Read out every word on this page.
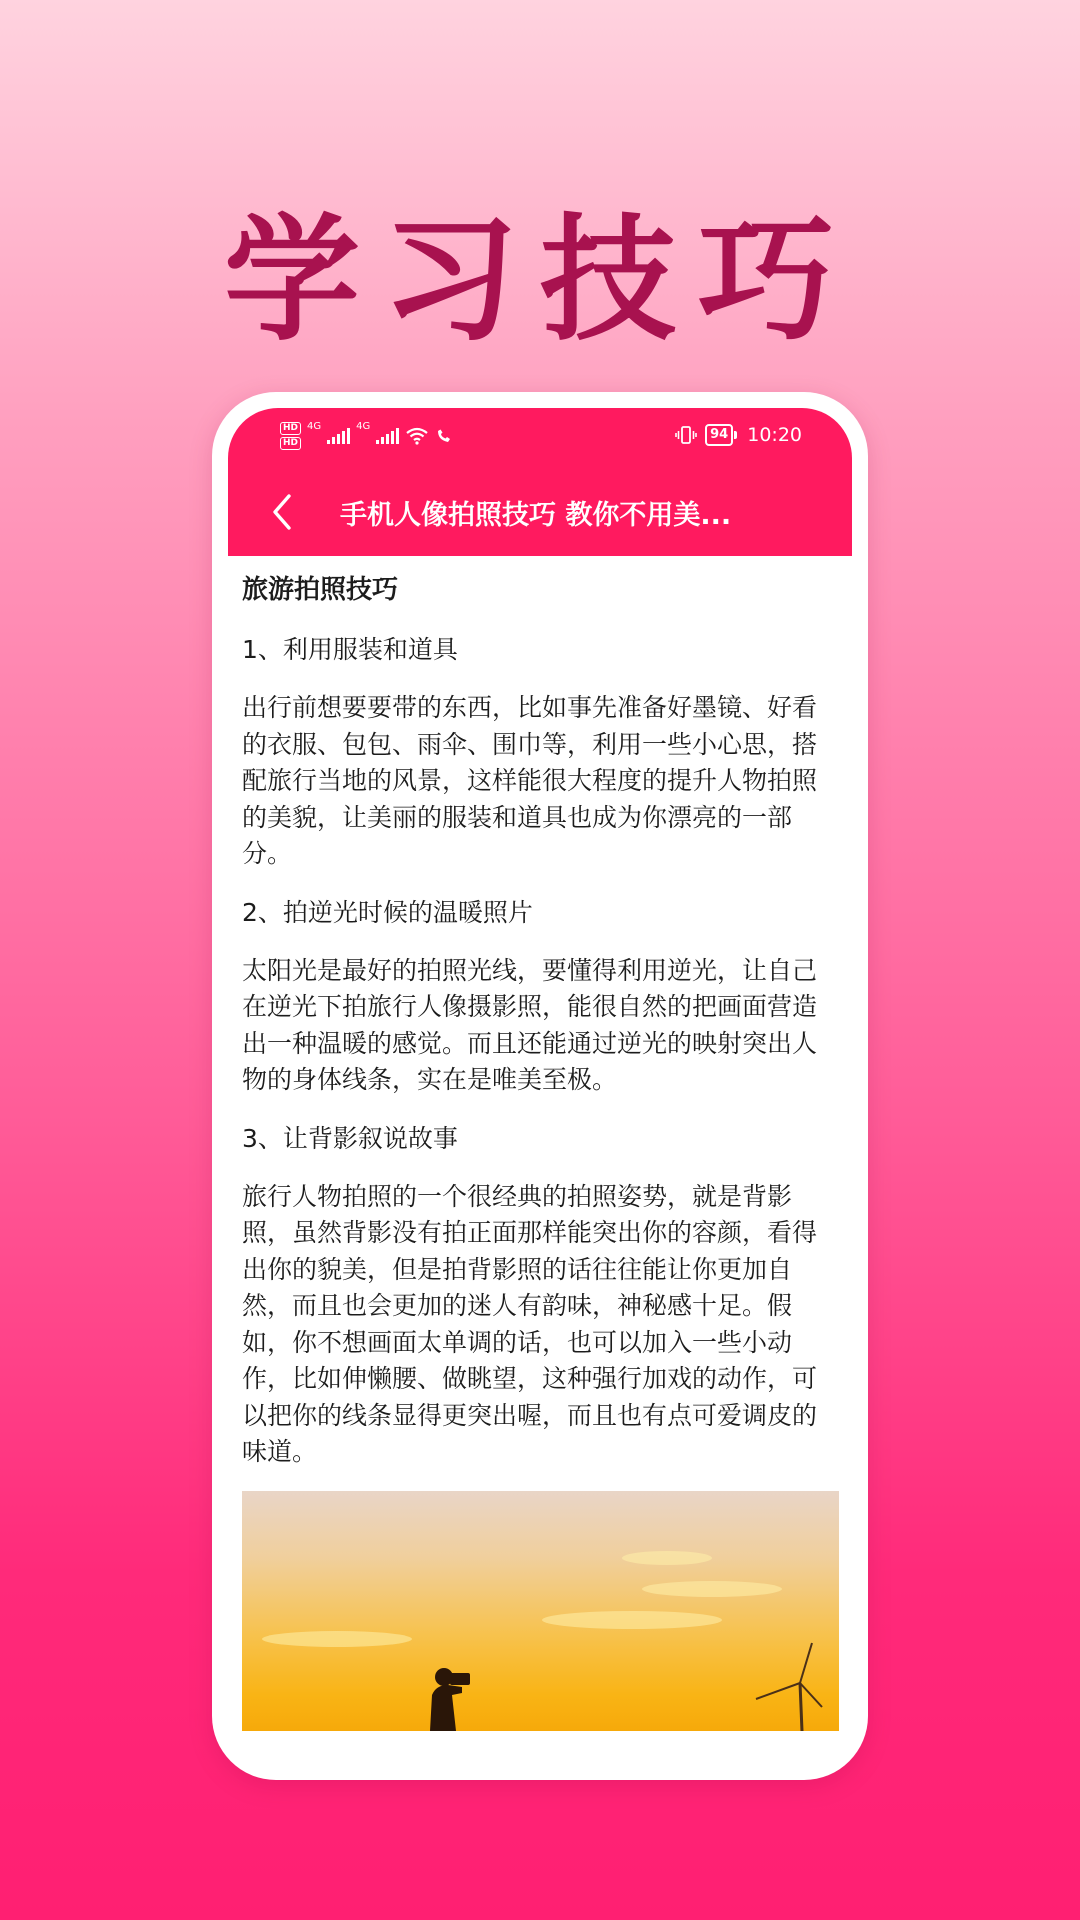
学习技巧
HD
HD
4G	4G
94 10:20
手机人像拍照技巧 教你不用美...
旅游拍照技巧
1、利用服装和道具

出行前想要要带的东西，比如事先准备好墨镜、好看的衣服、包包、雨伞、围巾等，利用一些小心思，搭配旅行当地的风景，这样能很大程度的提升人物拍照的美貌，让美丽的服装和道具也成为你漂亮的一部分。

2、拍逆光时候的温暖照片

太阳光是最好的拍照光线，要懂得利用逆光，让自己在逆光下拍旅行人像摄影照，能很自然的把画面营造出一种温暖的感觉。而且还能通过逆光的映射突出人物的身体线条，实在是唯美至极。

3、让背影叙说故事

旅行人物拍照的一个很经典的拍照姿势，就是背影照，虽然背影没有拍正面那样能突出你的容颜，看得出你的貌美，但是拍背影照的话往往能让你更加自然，而且也会更加的迷人有韵味，神秘感十足。假如，你不想画面太单调的话，也可以加入一些小动作，比如伸懒腰、做眺望，这种强行加戏的动作，可以把你的线条显得更突出喔，而且也有点可爱调皮的味道。
